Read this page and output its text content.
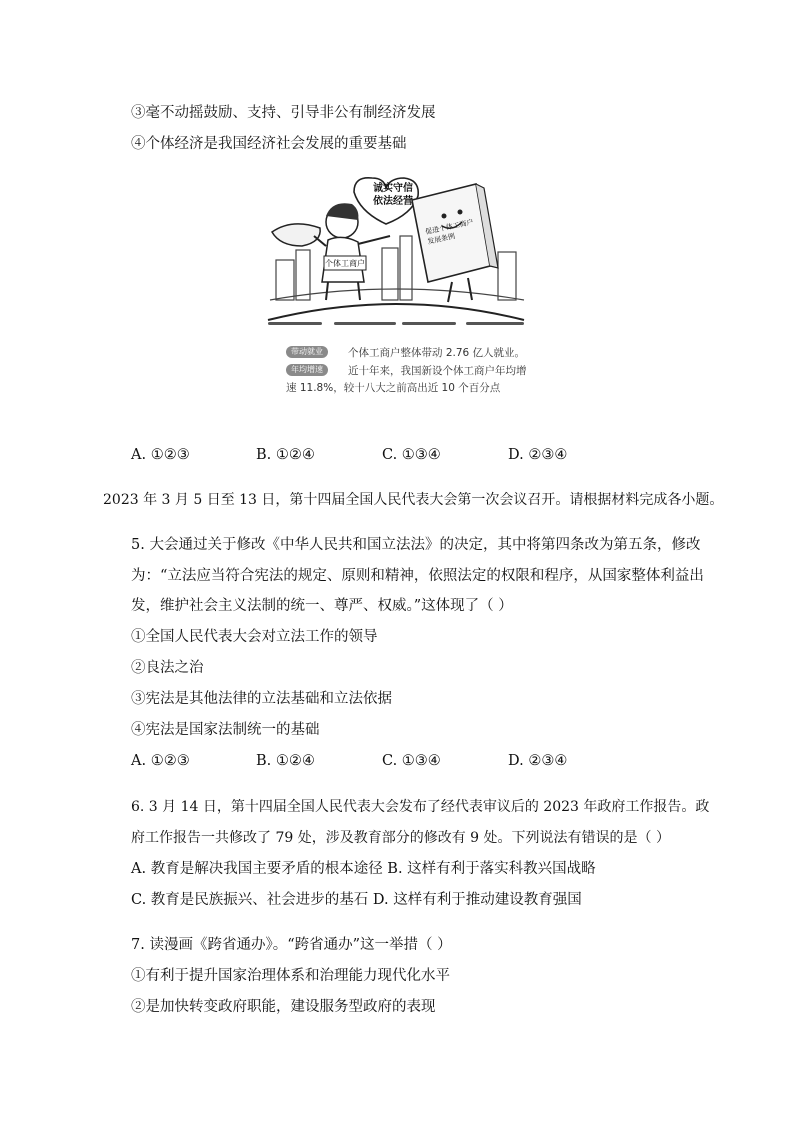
③毫不动摇鼓励、支持、引导非公有制经济发展
④个体经济是我国经济社会发展的重要基础
诚实守信
依法经营
促进个体工商户
发展条例
个体工商户
带动就业	个体工商户整体带动 2.76 亿人就业。
年均增速	近十年来，我国新设个体工商户年均增
速 11.8%，较十八大之前高出近 10 个百分点
A. ①②③	B. ①②④	C. ①③④	D. ②③④
2023 年 3 月 5 日至 13 日，第十四届全国人民代表大会第一次会议召开。请根据材料完成各小题。
5. 大会通过关于修改《中华人民共和国立法法》的决定，其中将第四条改为第五条，修改
为：“立法应当符合宪法的规定、原则和精神，依照法定的权限和程序，从国家整体利益出
发，维护社会主义法制的统一、尊严、权威。”这体现了（ ）
①全国人民代表大会对立法工作的领导
②良法之治
③宪法是其他法律的立法基础和立法依据
④宪法是国家法制统一的基础
A. ①②③	B. ①②④	C. ①③④	D. ②③④
6. 3 月 14 日，第十四届全国人民代表大会发布了经代表审议后的 2023 年政府工作报告。政
府工作报告一共修改了 79 处，涉及教育部分的修改有 9 处。下列说法有错误的是（ ）
A. 教育是解决我国主要矛盾的根本途径 B. 这样有利于落实科教兴国战略
C. 教育是民族振兴、社会进步的基石 D. 这样有利于推动建设教育强国
7. 读漫画《跨省通办》。“跨省通办”这一举措（ ）
①有利于提升国家治理体系和治理能力现代化水平
②是加快转变政府职能，建设服务型政府的表现
